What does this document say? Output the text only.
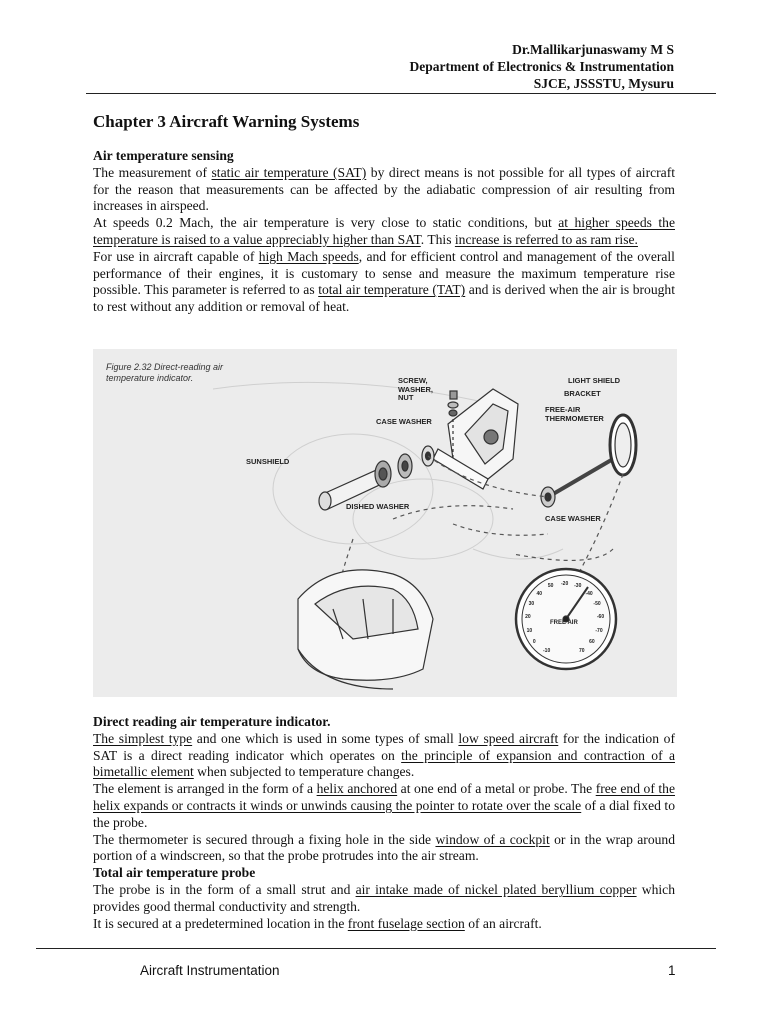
Dr.Mallikarjunaswamy M S
Department of Electronics & Instrumentation
SJCE, JSSSTU, Mysuru
Chapter 3 Aircraft Warning Systems
Air temperature sensing

The measurement of static air temperature (SAT) by direct means is not possible for all types of aircraft for the reason that measurements can be affected by the adiabatic compression of air resulting from increases in airspeed.

At speeds 0.2 Mach, the air temperature is very close to static conditions, but at higher speeds the temperature is raised to a value appreciably higher than SAT. This increase is referred to as ram rise.

For use in aircraft capable of high Mach speeds, and for efficient control and management of the overall performance of their engines, it is customary to sense and measure the maximum temperature rise possible. This parameter is referred to as total air temperature (TAT) and is derived when the air is brought to rest without any addition or removal of heat.

Figure 2.32 Direct-reading air
temperature indicator.	SCREW,
WASHER,
NUT
LIGHT SHIELD
BRACKET
FREE-AIR
THERMOMETER
CASE WASHER
SUNSHIELD
DISHED WASHER
CASE WASHER
FREE AIR
-10
0
10
20
30
40
50 -20 -30
-40
-50
-60
-70
60
70
Direct reading air temperature indicator.

The simplest type and one which is used in some types of small low speed aircraft for the indication of SAT is a direct reading indicator which operates on the principle of expansion and contraction of a bimetallic element when subjected to temperature changes.

The element is arranged in the form of a helix anchored at one end of a metal or probe. The free end of the helix expands or contracts it winds or unwinds causing the pointer to rotate over the scale of a dial fixed to the probe.

The thermometer is secured through a fixing hole in the side window of a cockpit or in the wrap around portion of a windscreen, so that the probe protrudes into the air stream.

Total air temperature probe

The probe is in the form of a small strut and air intake made of nickel plated beryllium copper which provides good thermal conductivity and strength.

It is secured at a predetermined location in the front fuselage section of an aircraft.

Aircraft Instrumentation	1
